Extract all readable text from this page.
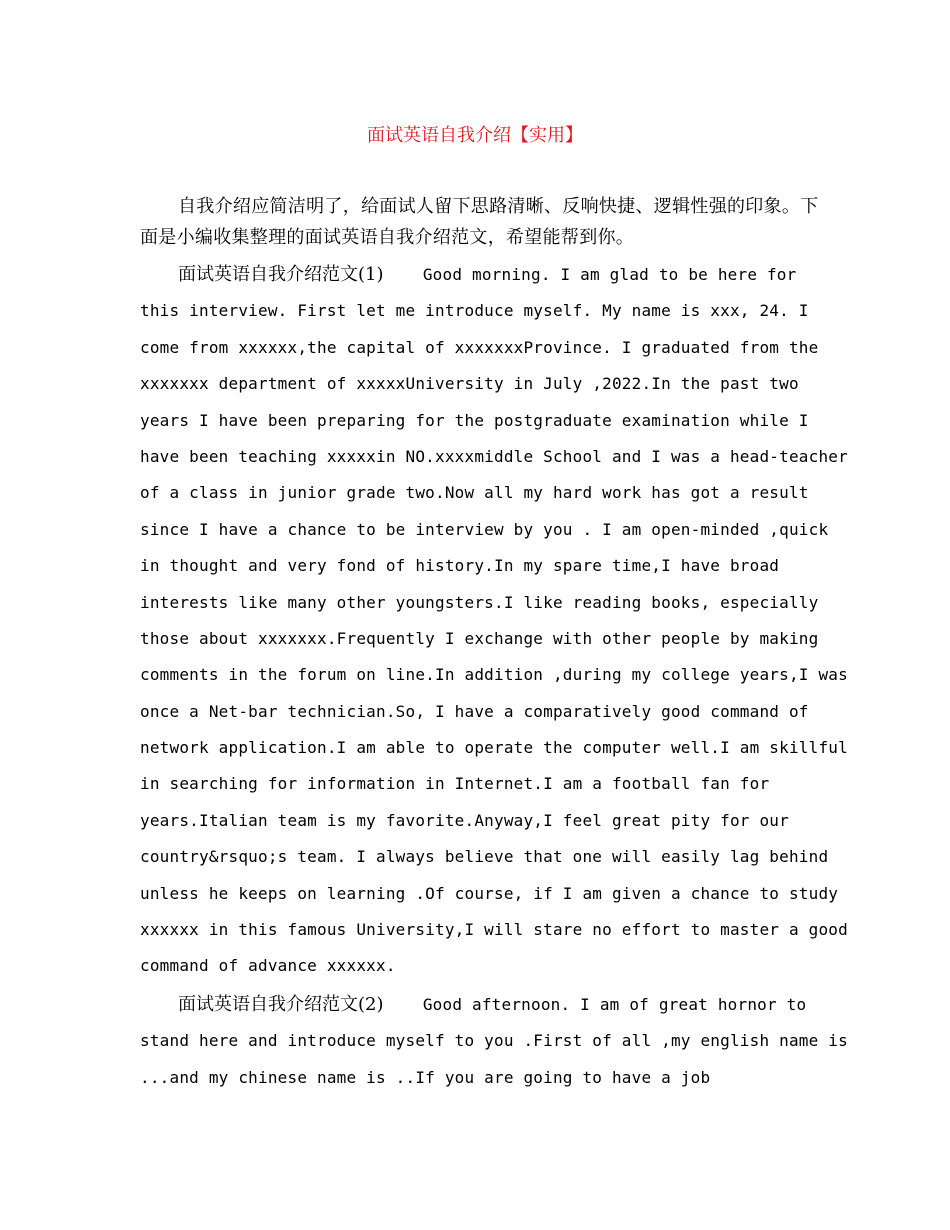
面试英语自我介绍【实用】

自我介绍应简洁明了，给面试人留下思路清晰、反响快捷、逻辑性强的印象。下面是小编收集整理的面试英语自我介绍范文，希望能帮到你。

面试英语自我介绍范文(1)    Good morning. I am glad to be here for
this interview. First let me introduce myself. My name is xxx, 24. I
come from xxxxxx,the capital of xxxxxxxProvince. I graduated from the
xxxxxxx department of xxxxxUniversity in July ,2022.In the past two
years I have been preparing for the postgraduate examination while I
have been teaching xxxxxin NO.xxxxmiddle School and I was a head-teacher
of a class in junior grade two.Now all my hard work has got a result
since I have a chance to be interview by you . I am open-minded ,quick
in thought and very fond of history.In my spare time,I have broad
interests like many other youngsters.I like reading books, especially
those about xxxxxxx.Frequently I exchange with other people by making
comments in the forum on line.In addition ,during my college years,I was
once a Net-bar technician.So, I have a comparatively good command of
network application.I am able to operate the computer well.I am skillful
in searching for information in Internet.I am a football fan for
years.Italian team is my favorite.Anyway,I feel great pity for our
country&rsquo;s team. I always believe that one will easily lag behind
unless he keeps on learning .Of course, if I am given a chance to study
xxxxxx in this famous University,I will stare no effort to master a good
command of advance xxxxxx.
面试英语自我介绍范文(2)    Good afternoon. I am of great hornor to
stand here and introduce myself to you .First of all ,my english name is
...and my chinese name is ..If you are going to have a job
